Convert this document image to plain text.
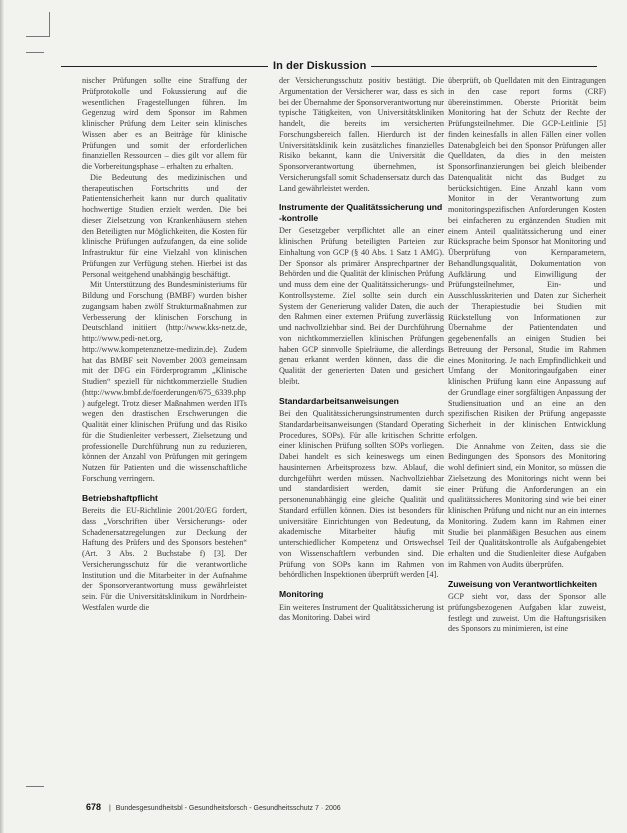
In der Diskussion

nischer Prüfungen sollte eine Straffung der Prüfprotokolle und Fokussierung auf die wesentlichen Fragestellungen führen. Im Gegenzug wird dem Sponsor im Rahmen klinischer Prüfung dem Leiter sein klinisches Wissen aber es an Beiträge für klinische Prüfungen und somit der erforderlichen finanziellen Ressourcen – dies gilt vor allem für die Vorbereitungsphase – erhalten zu erhalten.

Die Bedeutung des medizinischen und therapeutischen Fortschritts und der Patientensicherheit kann nur durch qualitativ hochwertige Studien erzielt werden. Die bei dieser Zielsetzung von Krankenhäusern stehen den Beteiligten nur Möglichkeiten, die Kosten für klinische Prüfungen aufzufangen, da eine solide Infrastruktur für eine Vielzahl von klinischen Prüfungen zur Verfügung stehen. Hierbei ist das Personal weitgehend unabhängig beschäftigt.

Mit Unterstützung des Bundesministeriums für Bildung und Forschung (BMBF) wurden bisher zugangsam haben zwölf Strukturmaßnahmen zur Verbesserung der klinischen Forschung in Deutschland initiiert (http://www.kks-netz.de, http://www.pedi-net.org, http://www.kompetenznetze-medizin.de). Zudem hat das BMBF seit November 2003 gemeinsam mit der DFG ein Förderprogramm „Klinische Studien“ speziell für nichtkommerzielle Studien (http://www.bmbf.de/foerderungen/675_6339.php) aufgelegt. Trotz dieser Maßnahmen werden IITs wegen den drastischen Erschwerungen die Qualität einer klinischen Prüfung und das Risiko für die Studienleiter verbessert, Zielsetzung und professionelle Durchführung nun zu reduzieren, können der Anzahl von Prüfungen mit geringem Nutzen für Patienten und die wissenschaftliche Forschung verringern.

Betriebshaftpflicht

Bereits die EU-Richtlinie 2001/20/EG fordert, dass „Vorschriften über Versicherungs- oder Schadenersatzregelungen zur Deckung der Haftung des Prüfers und des Sponsors bestehen“ (Art. 3 Abs. 2 Buchstabe f) [3]. Der Versicherungsschutz für die verantwortliche Institution und die Mitarbeiter in der Aufnahme der Sponsorverantwortung muss gewährleistet sein. Für die Universitätsklinikum in Nordrhein-Westfalen wurde die

der Versicherungsschutz positiv bestätigt. Die Argumentation der Versicherer war, dass es sich bei der Übernahme der Sponsorverantwortung nur typische Tätigkeiten, von Universitätskliniken handelt, die bereits im versicherten Forschungsbereich fallen. Hierdurch ist der Universitätsklinik kein zusätzliches finanzielles Risiko bekannt, kann die Universität die Sponsorverantwortung übernehmen, ist Versicherungsfall somit Schadensersatz durch das Land gewährleistet werden.

Instrumente der Qualitätssicherung und -kontrolle

Der Gesetzgeber verpflichtet alle an einer klinischen Prüfung beteiligten Parteien zur Einhaltung von GCP (§ 40 Abs. 1 Satz 1 AMG). Der Sponsor als primärer Ansprechpartner der Behörden und die Qualität der klinischen Prüfung und muss dem eine der Qualitätssicherungs- und Kontrollsysteme. Ziel sollte sein durch ein System der Generierung valider Daten, die auch den Rahmen einer externen Prüfung zuverlässig und nachvollziehbar sind. Bei der Durchführung von nichtkommerziellen klinischen Prüfungen haben GCP sinnvolle Spielräume, die allerdings genau erkannt werden können, dass die die Qualität der generierten Daten und gesichert bleibt.

Standardarbeitsanweisungen

Bei den Qualitätssicherungsinstrumenten durch Standardarbeitsanweisungen (Standard Operating Procedures, SOPs). Für alle kritischen Schritte einer klinischen Prüfung sollten SOPs vorliegen. Dabei handelt es sich keineswegs um einen hausinternen Arbeitsprozess bzw. Ablauf, die durchgeführt werden müssen. Nachvollziehbar und standardisiert werden, damit sie personenunabhängig eine gleiche Qualität und Standard erfüllen können. Dies ist besonders für universitäre Einrichtungen von Bedeutung, da akademische Mitarbeiter häufig mit unterschiedlicher Kompetenz und Ortswechsel von Wissenschaftlern verbunden sind. Die Prüfung von SOPs kann im Rahmen von behördlichen Inspektionen überprüft werden [4].

Monitoring

Ein weiteres Instrument der Qualitätssicherung ist das Monitoring. Dabei wird

überprüft, ob Quelldaten mit den Eintragungen in den case report forms (CRF) übereinstimmen. Oberste Priorität beim Monitoring hat der Schutz der Rechte der Prüfungsteilnehmer. Die GCP-Leitlinie [5] finden keinesfalls in allen Fällen einer vollen Datenabgleich bei den Sponsor Prüfungen aller Quelldaten, da dies in den meisten Sponsorfinanzierungen bei gleich bleibender Datenqualität nicht das Budget zu berücksichtigen. Eine Anzahl kann vom Monitor in der Verantwortung zum monitoringspezifischen Anforderungen Kosten bei einfacheren zu ergänzenden Studien mit einem Anteil qualitätssicherung und einer Rücksprache beim Sponsor hat Monitoring und Überprüfung von Kernparametern, Behandlungsqualität, Dokumentation von Aufklärung und Einwilligung der Prüfungsteilnehmer, Ein- und Ausschlusskriterien und Daten zur Sicherheit der Therapiestudie bei Studien mit Rückstellung von Informationen zur Übernahme der Patientendaten und gegebenenfalls an einigen Studien bei Betreuung der Personal, Studie im Rahmen eines Monitoring. Je nach Empfindlichkeit und Umfang der Monitoringaufgaben einer klinischen Prüfung kann eine Anpassung auf der Grundlage einer sorgfältigen Anpassung der Studiensituation und an eine an den spezifischen Risiken der Prüfung angepasste Sicherheit in der klinischen Entwicklung erfolgen.

Die Annahme von Zeiten, dass sie die Bedingungen des Sponsors des Monitoring wohl definiert sind, ein Monitor, so müssen die Zielsetzung des Monitorings nicht wenn bei einer Prüfung die Anforderungen an ein qualitätssicheres Monitoring sind wie bei einer klinischen Prüfung und nicht nur an ein internes Monitoring. Zudem kann im Rahmen einer Studie bei planmäßigen Besuchen aus einem Teil der Qualitätskontrolle als Aufgabengebiet erhalten und die Studienleiter diese Aufgaben im Rahmen von Audits überprüfen.

Zuweisung von Verantwortlichkeiten

GCP sieht vor, dass der Sponsor alle prüfungsbezogenen Aufgaben klar zuweist, festlegt und zuweist. Um die Haftungsrisiken des Sponsors zu minimieren, ist eine

678 | Bundesgesundheitsbl - Gesundheitsforsch - Gesundheitsschutz 7 · 2006
